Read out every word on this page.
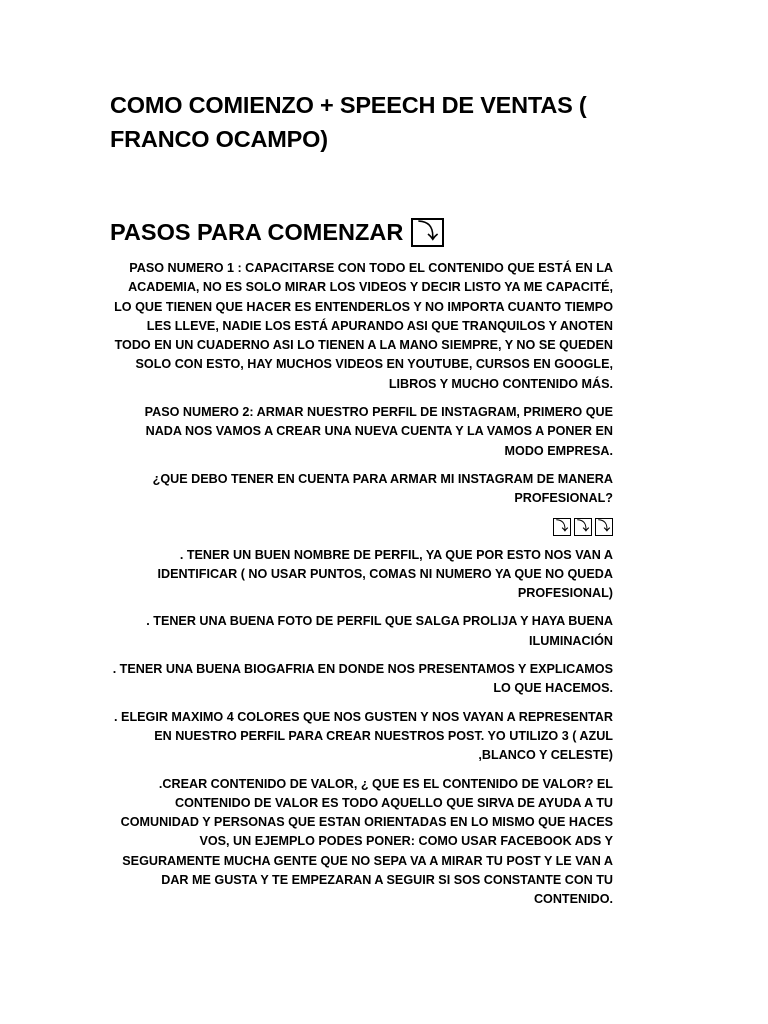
COMO COMIENZO + SPEECH DE VENTAS ( FRANCO OCAMPO)
PASOS PARA COMENZAR ⤵

PASO NUMERO 1 : CAPACITARSE CON TODO EL CONTENIDO QUE ESTÁ EN LA ACADEMIA, NO ES SOLO MIRAR LOS VIDEOS Y DECIR LISTO YA ME CAPACITÉ, LO QUE TIENEN QUE HACER ES ENTENDERLOS Y NO IMPORTA CUANTO TIEMPO LES LLEVE, NADIE LOS ESTÁ APURANDO ASI QUE TRANQUILOS Y ANOTEN TODO EN UN CUADERNO ASI LO TIENEN A LA MANO SIEMPRE, Y NO SE QUEDEN SOLO CON ESTO, HAY MUCHOS VIDEOS EN YOUTUBE, CURSOS EN GOOGLE, LIBROS Y MUCHO CONTENIDO MÁS.

PASO NUMERO 2: ARMAR NUESTRO PERFIL DE INSTAGRAM, PRIMERO QUE NADA NOS VAMOS A CREAR UNA NUEVA CUENTA Y LA VAMOS A PONER EN MODO EMPRESA.

¿QUE DEBO TENER EN CUENTA PARA ARMAR MI INSTAGRAM DE MANERA PROFESIONAL?

⤵ ⤵ ⤵

. TENER UN BUEN NOMBRE DE PERFIL, YA QUE POR ESTO NOS VAN A IDENTIFICAR ( NO USAR PUNTOS, COMAS NI NUMERO YA QUE NO QUEDA PROFESIONAL)

. TENER UNA BUENA FOTO DE PERFIL QUE SALGA PROLIJA Y HAYA BUENA ILUMINACIÓN

. TENER UNA BUENA BIOGAFRIA EN DONDE NOS PRESENTAMOS Y EXPLICAMOS LO QUE HACEMOS.

. ELEGIR MAXIMO 4 COLORES QUE NOS GUSTEN Y NOS VAYAN A REPRESENTAR EN NUESTRO PERFIL PARA CREAR NUESTROS POST. YO UTILIZO 3 ( AZUL ,BLANCO Y CELESTE)

.CREAR CONTENIDO DE VALOR, ¿ QUE ES EL CONTENIDO DE VALOR? EL CONTENIDO DE VALOR ES TODO AQUELLO QUE SIRVA DE AYUDA A TU COMUNIDAD Y PERSONAS QUE ESTAN ORIENTADAS EN LO MISMO QUE HACES VOS, UN EJEMPLO PODES PONER: COMO USAR FACEBOOK ADS Y SEGURAMENTE MUCHA GENTE QUE NO SEPA VA A MIRAR TU POST Y LE VAN A DAR ME GUSTA Y TE EMPEZARAN A SEGUIR SI SOS CONSTANTE CON TU CONTENIDO.
